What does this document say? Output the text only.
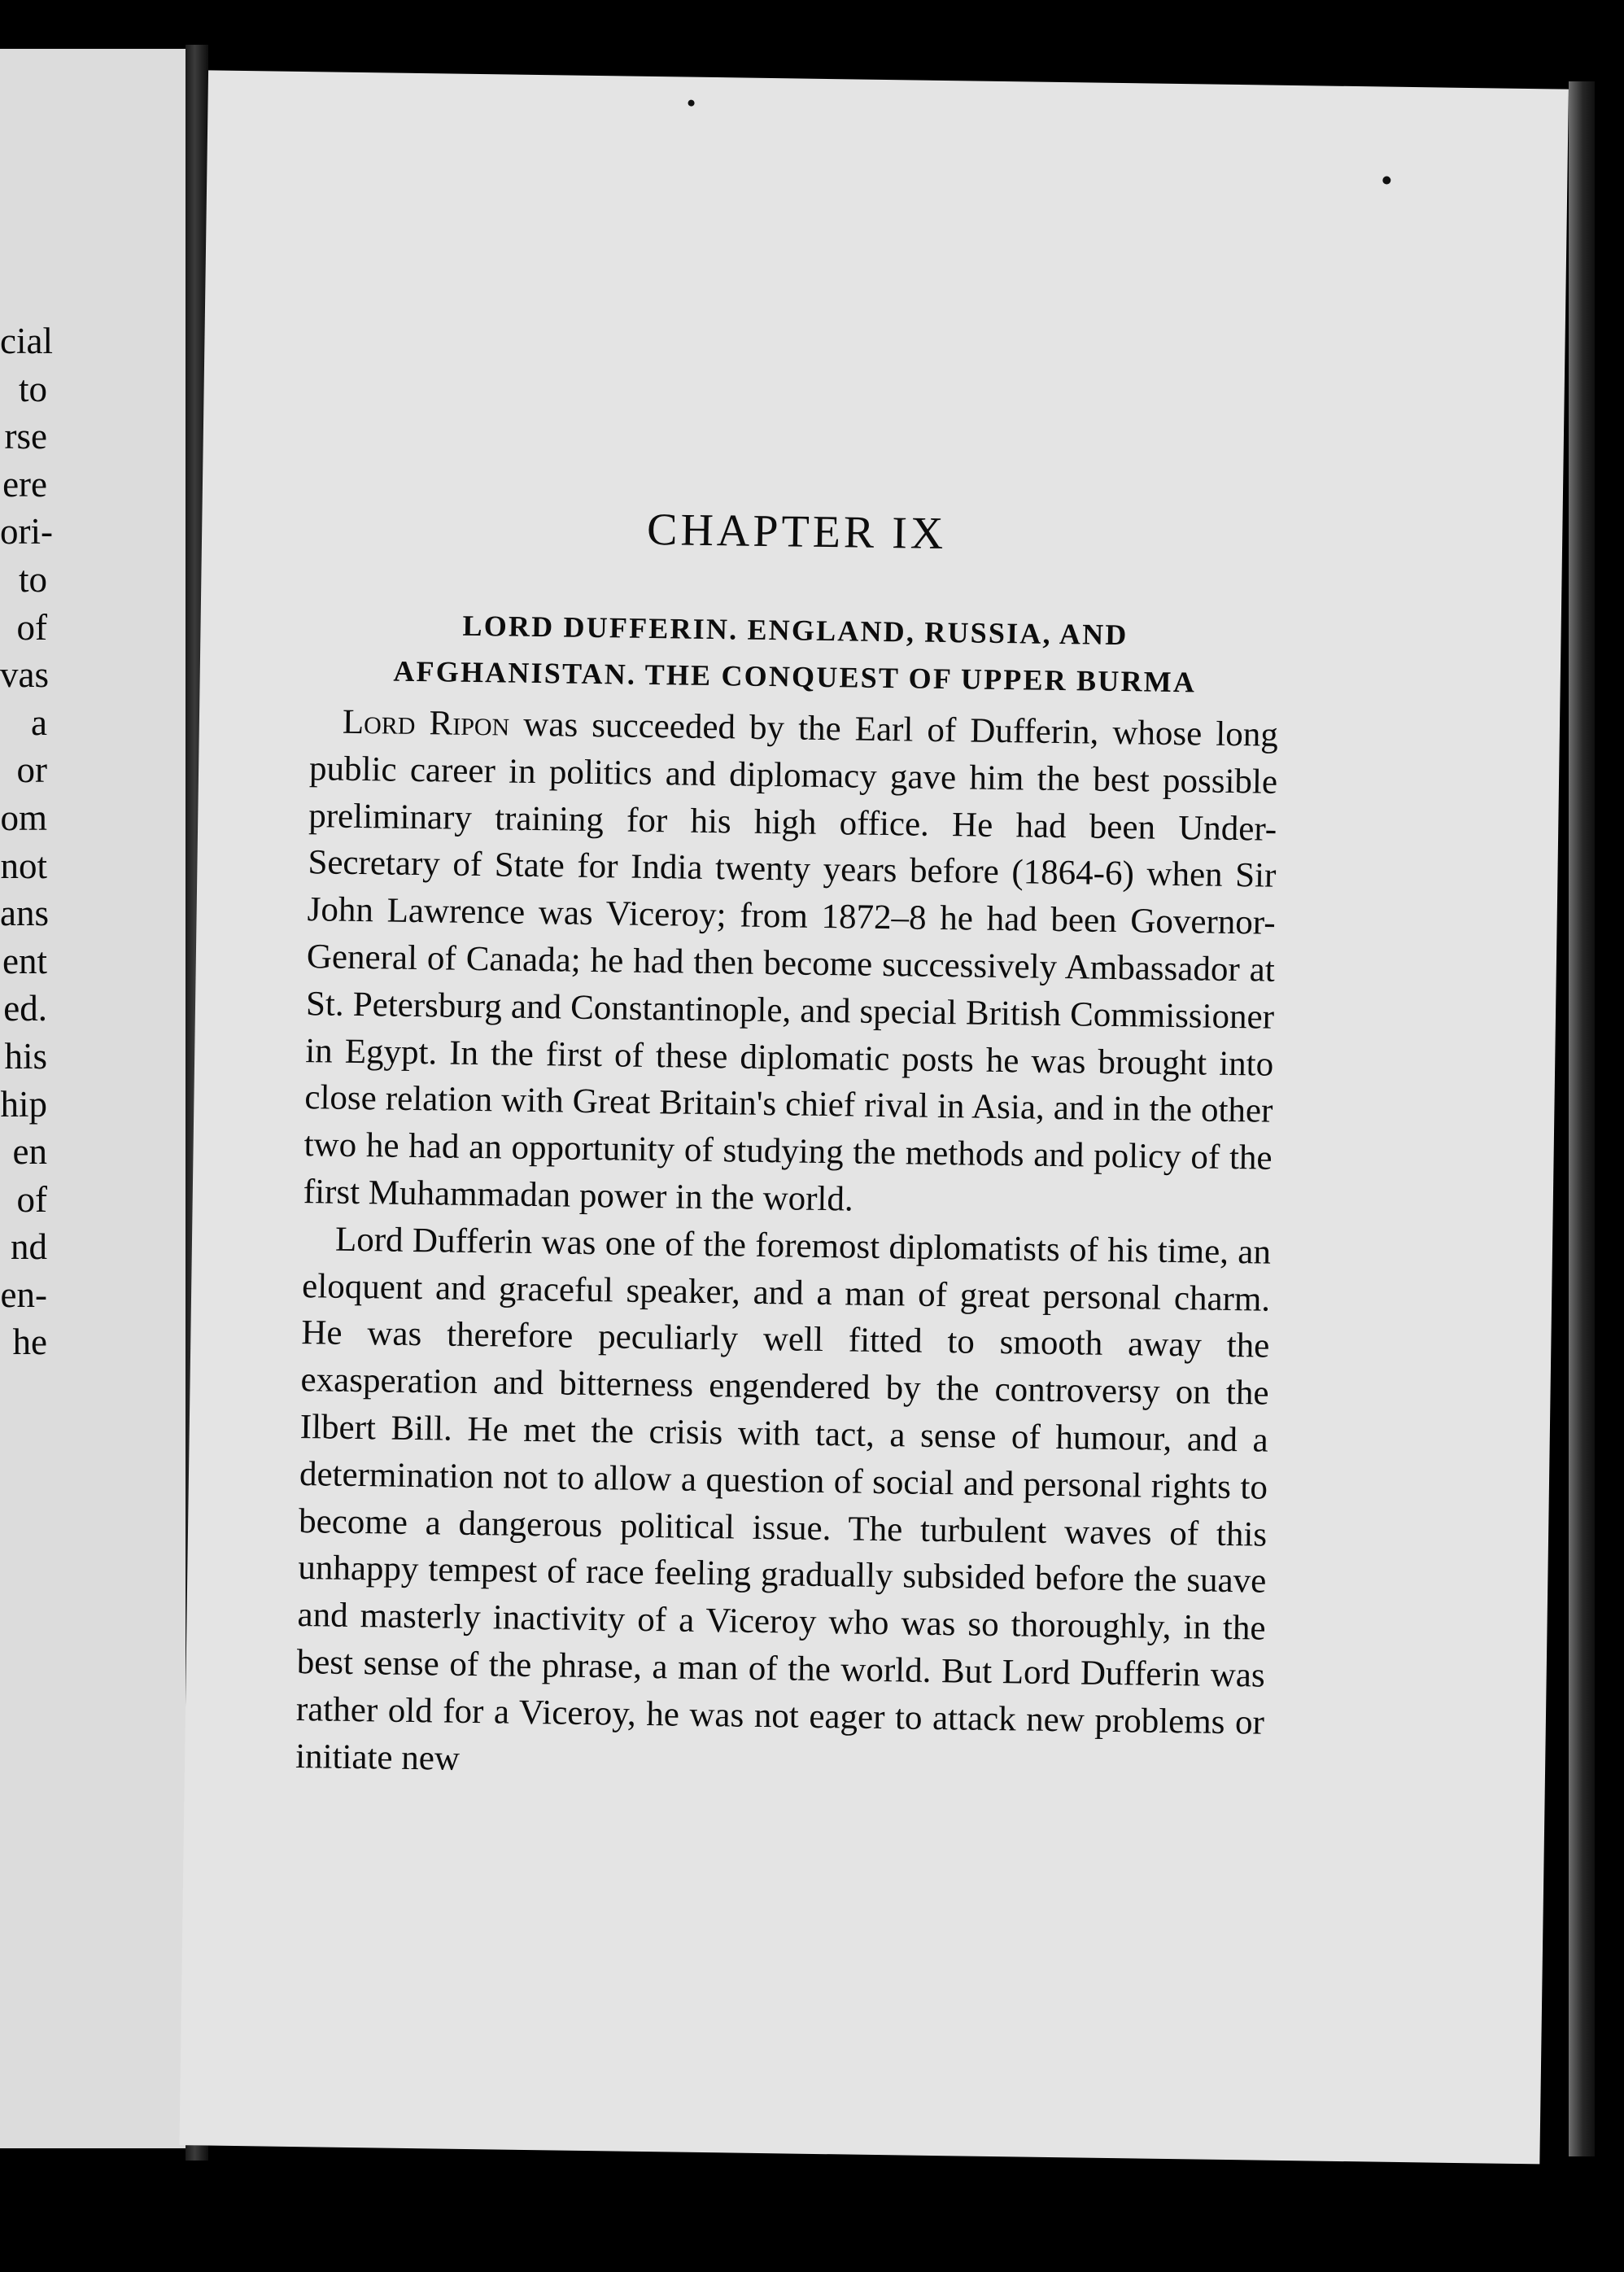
cial
to
rse
ere
ori-
to
of
vas
a
or
om
not
ans
ent
ed.
his
hip
en
of
nd
en-
he
CHAPTER IX
LORD DUFFERIN. ENGLAND, RUSSIA, AND
AFGHANISTAN. THE CONQUEST OF UPPER BURMA

Lord Ripon was succeeded by the Earl of Dufferin, whose long public career in politics and diplomacy gave him the best possible preliminary training for his high office. He had been Under-Secretary of State for India twenty years before (1864-6) when Sir John Lawrence was Viceroy; from 1872–8 he had been Governor-General of Canada; he had then become successively Ambassador at St. Petersburg and Constantinople, and special British Commissioner in Egypt. In the first of these diplomatic posts he was brought into close relation with Great Britain's chief rival in Asia, and in the other two he had an opportunity of studying the methods and policy of the first Muhammadan power in the world.

Lord Dufferin was one of the foremost diplomatists of his time, an eloquent and graceful speaker, and a man of great personal charm. He was therefore peculiarly well fitted to smooth away the exasperation and bitterness engendered by the controversy on the Ilbert Bill. He met the crisis with tact, a sense of humour, and a determination not to allow a question of social and personal rights to become a dangerous political issue. The turbulent waves of this unhappy tempest of race feeling gradually subsided before the suave and masterly inactivity of a Viceroy who was so thoroughly, in the best sense of the phrase, a man of the world. But Lord Dufferin was rather old for a Viceroy, he was not eager to attack new problems or initiate new
